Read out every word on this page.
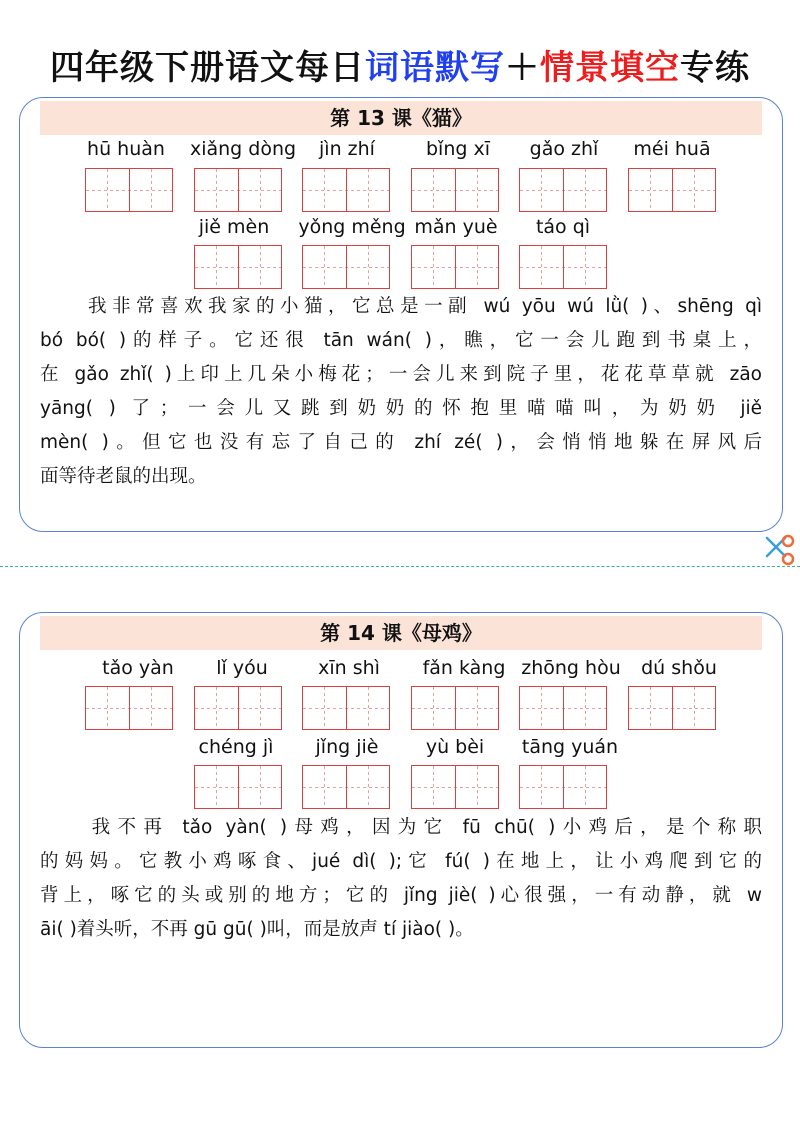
四年级下册语文每日词语默写＋情景填空专练
第 13 课《猫》
hū huàn xiǎng dòng jìn zhí	bǐng xī gǎo zhǐ méi huā
jiě mèn yǒng měng mǎn yuè táo qì
　　我非常喜欢我家的小猫，它总是一副 wú yōu wú lǜ( )、shēng qì
bó bó( )的样子。它还很 tān wán( )，瞧，它一会儿跑到书桌上，
在 gǎo zhǐ( )上印上几朵小梅花；一会儿来到院子里，花花草草就 zāo
yāng( ) 了；一会儿又跳到奶奶的怀抱里喵喵叫，为奶奶 jiě
mèn( )。但它也没有忘了自己的 zhí zé( )，会悄悄地躲在屏风后
面等待老鼠的出现。
第 14 课《母鸡》
tǎo yàn lǐ yóu	xīn shì fǎn kàng zhōng hòu dú shǒu
chéng jì jǐng jiè yù bèi tāng yuán
　　我不再 tǎo yàn( )母鸡，因为它 fū chū( )小鸡后，是个称职
的妈妈。它教小鸡啄食、jué dì( );它 fú( )在地上，让小鸡爬到它的
背上，啄它的头或别的地方；它的 jǐng jiè( )心很强，一有动静，就 w
āi( )着头听，不再 gū gū( )叫，而是放声 tí jiào( )。
